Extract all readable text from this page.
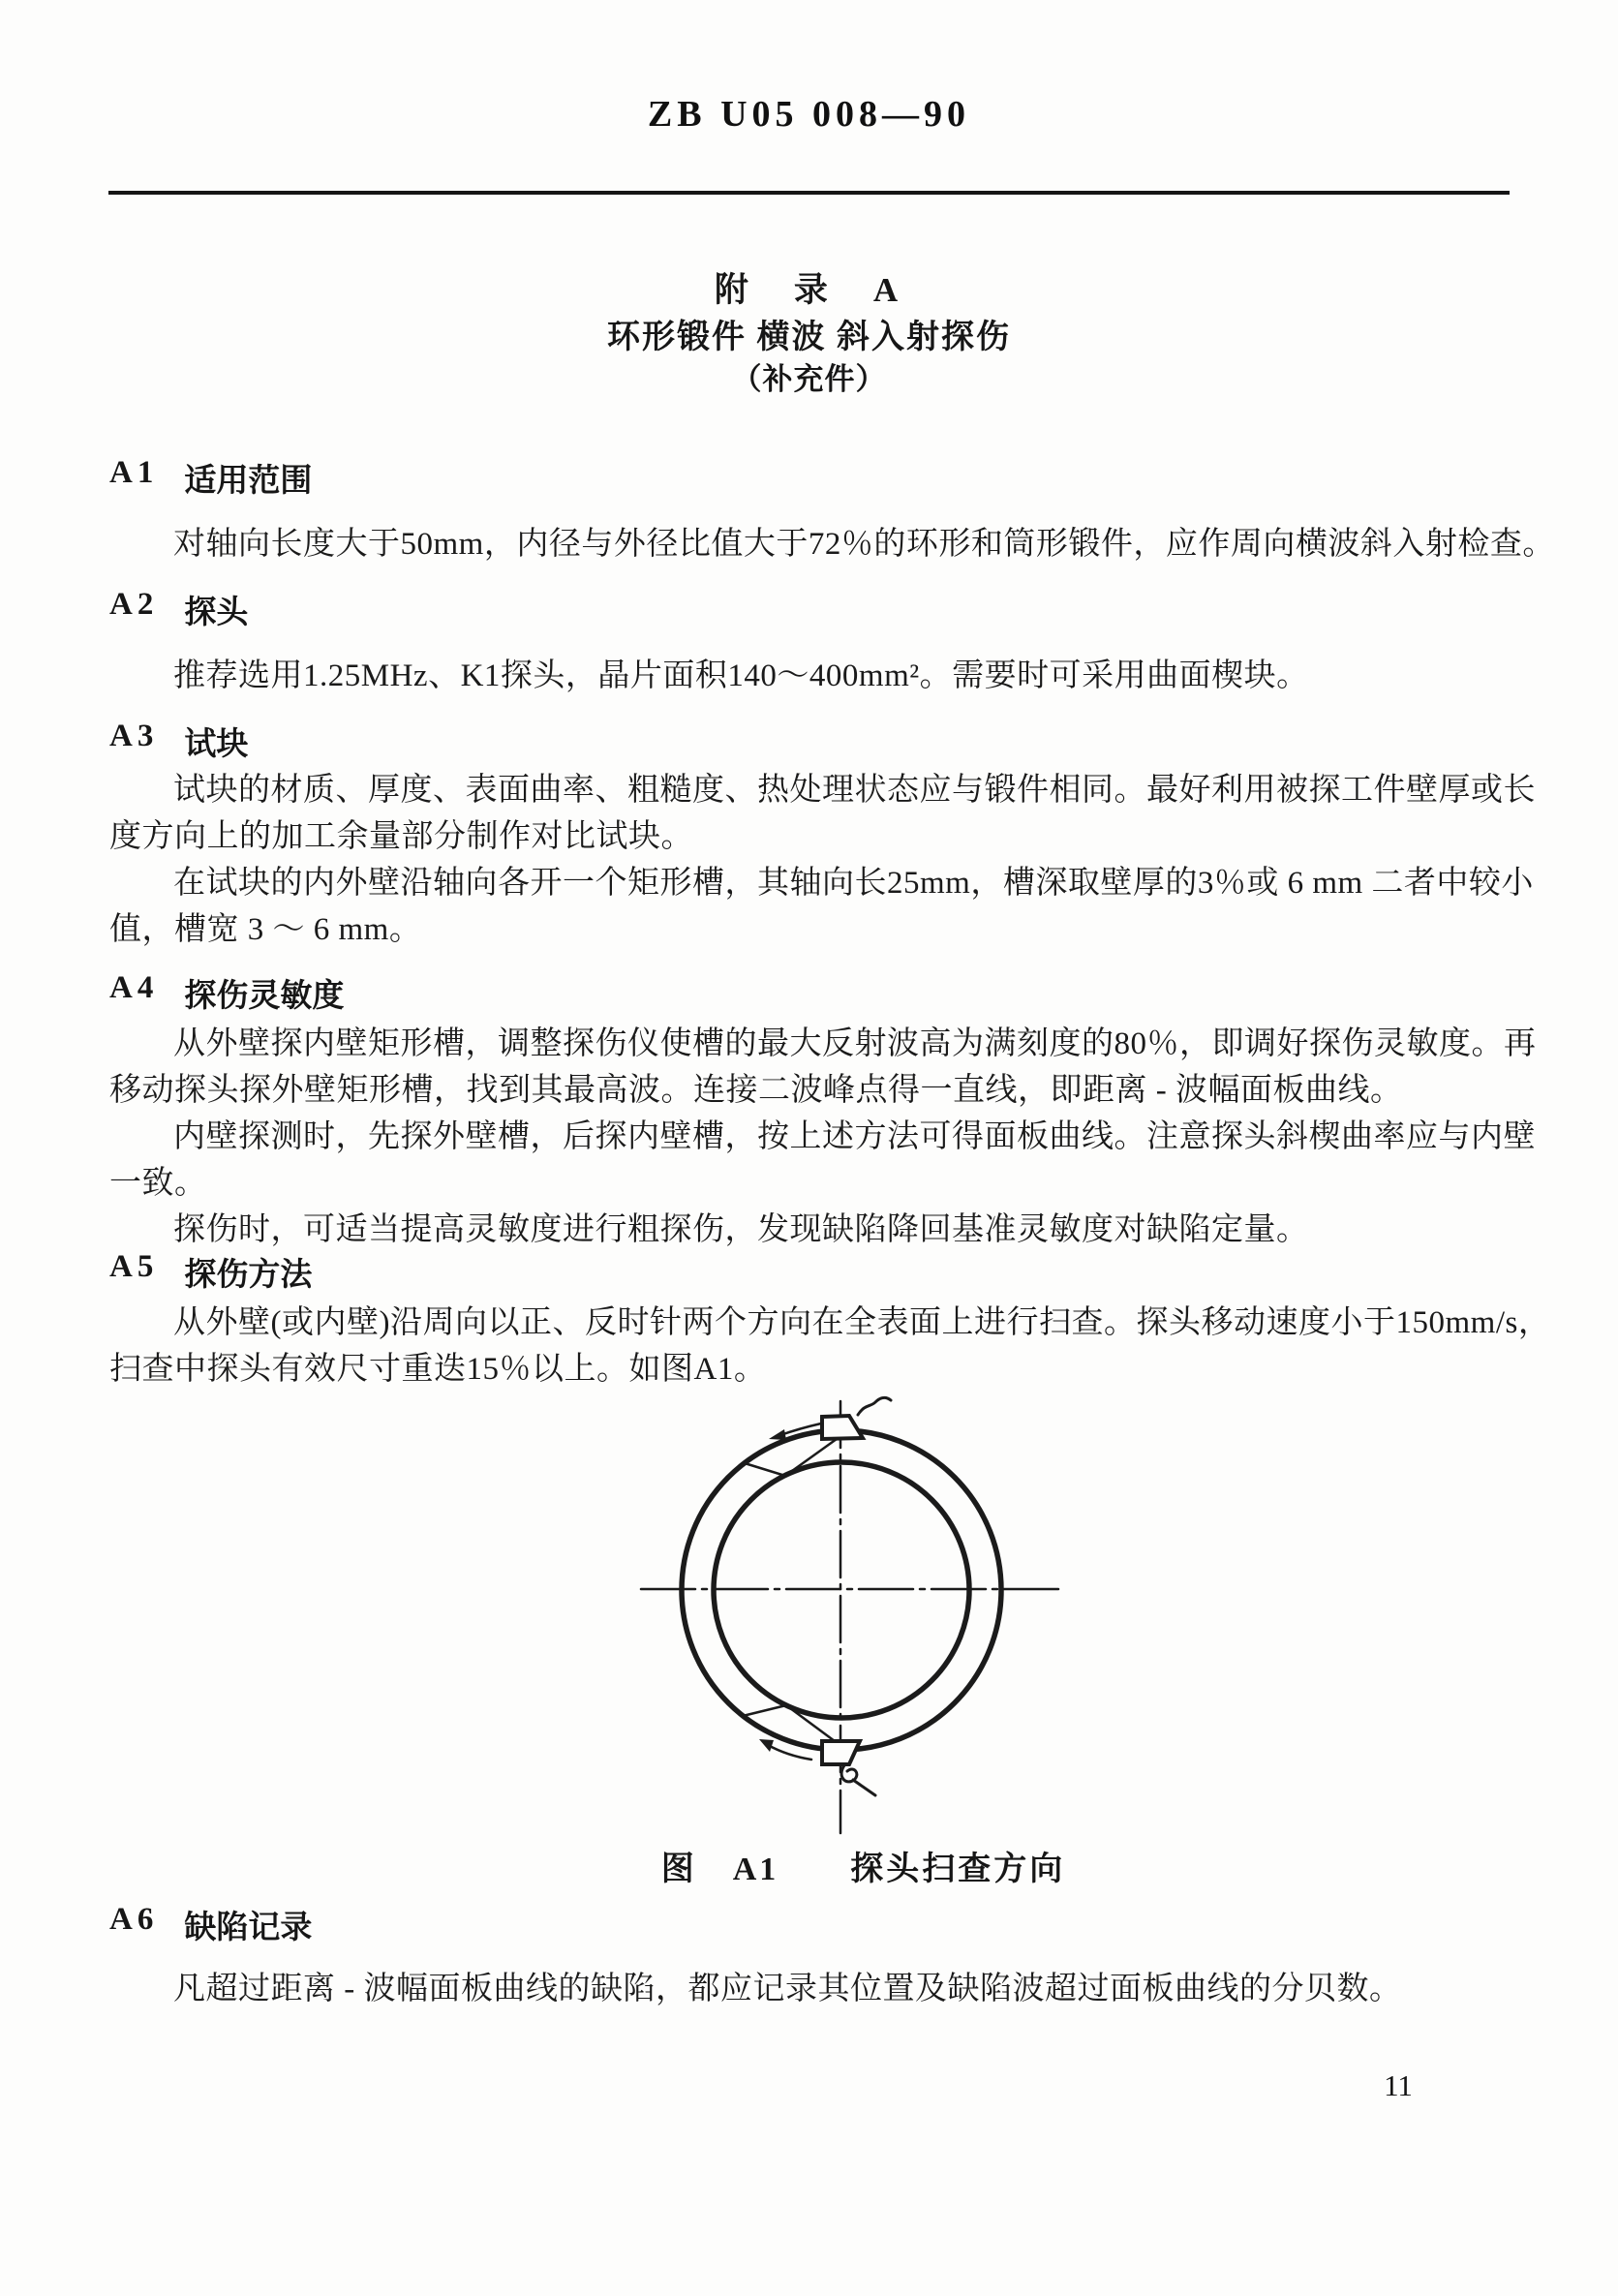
ZB U05 008—90
附　录　A
环形锻件 横波 斜入射探伤
（补充件）
A1 适用范围
对轴向长度大于50mm，内径与外径比值大于72％的环形和筒形锻件，应作周向横波斜入射检查。
A2 探头
推荐选用1.25MHz、K1探头，晶片面积140～400mm²。需要时可采用曲面楔块。
A3 试块
试块的材质、厚度、表面曲率、粗糙度、热处理状态应与锻件相同。最好利用被探工件壁厚或长
度方向上的加工余量部分制作对比试块。
在试块的内外壁沿轴向各开一个矩形槽，其轴向长25mm，槽深取壁厚的3％或 6 mm 二者中较小
值，槽宽 3 ～ 6 mm。
A4 探伤灵敏度
从外壁探内壁矩形槽，调整探伤仪使槽的最大反射波高为满刻度的80％，即调好探伤灵敏度。再
移动探头探外壁矩形槽，找到其最高波。连接二波峰点得一直线，即距离 - 波幅面板曲线。
内壁探测时，先探外壁槽，后探内壁槽，按上述方法可得面板曲线。注意探头斜楔曲率应与内壁
一致。
探伤时，可适当提高灵敏度进行粗探伤，发现缺陷降回基准灵敏度对缺陷定量。
A5 探伤方法
从外壁(或内壁)沿周向以正、反时针两个方向在全表面上进行扫查。探头移动速度小于150mm/s，
扫查中探头有效尺寸重迭15％以上。如图A1。
图　A1　　探头扫查方向
A6 缺陷记录
凡超过距离 - 波幅面板曲线的缺陷，都应记录其位置及缺陷波超过面板曲线的分贝数。
11
